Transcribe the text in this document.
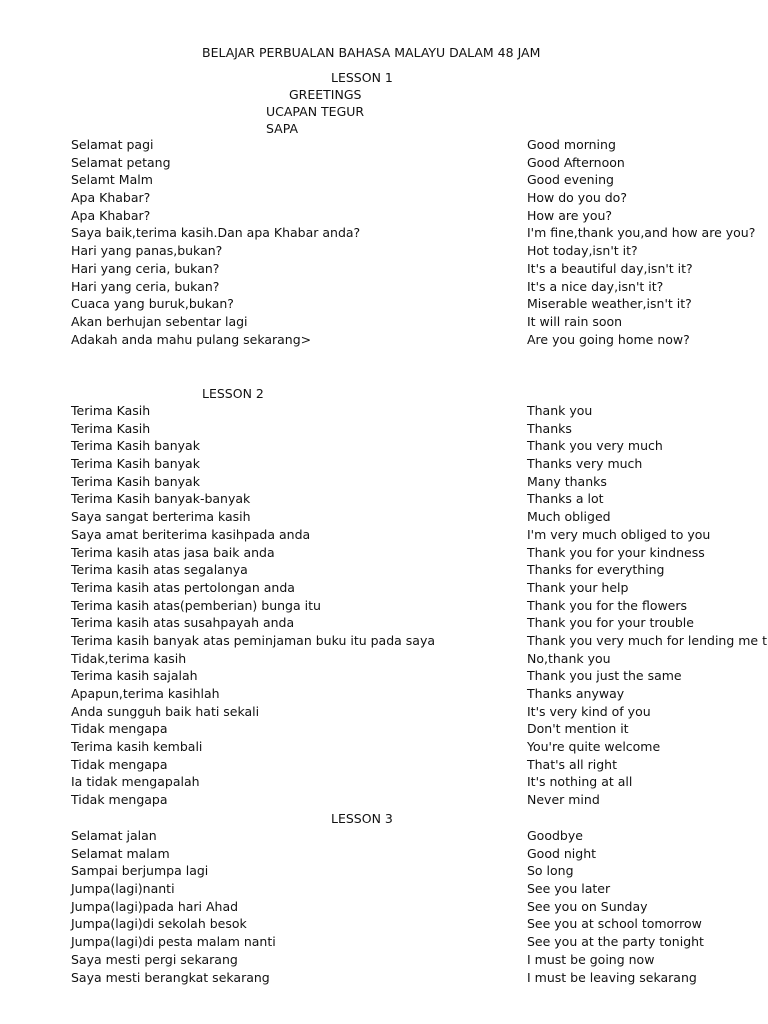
BELAJAR PERBUALAN BAHASA MALAYU DALAM 48 JAM
LESSON 1
GREETINGS
UCAPAN TEGUR
SAPA
Selamat pagi	Good morning
Selamat petang	Good Afternoon
Selamt Malm	Good evening
Apa Khabar?	How do you do?
Apa Khabar?	How are you?
Saya baik,terima kasih.Dan apa Khabar anda?	I'm fine,thank you,and how are you?
Hari yang panas,bukan?	Hot today,isn't it?
Hari yang ceria, bukan?	It's a beautiful day,isn't it?
Hari yang ceria, bukan?	It's a nice day,isn't it?
Cuaca yang buruk,bukan?	Miserable weather,isn't it?
Akan berhujan sebentar lagi	It will rain soon
Adakah anda mahu pulang sekarang>	Are you going home now?
LESSON 2
Terima Kasih	Thank you
Terima Kasih	Thanks
Terima Kasih banyak	Thank you very much
Terima Kasih banyak	Thanks very much
Terima Kasih banyak	Many thanks
Terima Kasih banyak-banyak	Thanks a lot
Saya sangat berterima kasih	Much obliged
Saya amat beriterima kasihpada anda	I'm very much obliged to you
Terima kasih atas jasa baik anda	Thank you for your kindness
Terima kasih atas segalanya	Thanks for everything
Terima kasih atas pertolongan anda	Thank your help
Terima kasih atas(pemberian) bunga itu	Thank you for the flowers
Terima kasih atas susahpayah anda	Thank you for your trouble
Terima kasih banyak atas peminjaman buku itu pada saya	Thank you very much for lending me t
Tidak,terima kasih	No,thank you
Terima kasih sajalah	Thank you just the same
Apapun,terima kasihlah	Thanks anyway
Anda sungguh baik hati sekali	It's very kind of you
Tidak mengapa	Don't mention it
Terima kasih kembali	You're quite welcome
Tidak mengapa	That's all right
Ia tidak mengapalah	It's nothing at all
Tidak mengapa	Never mind
LESSON 3
Selamat jalan	Goodbye
Selamat malam	Good night
Sampai berjumpa lagi	So long
Jumpa(lagi)nanti	See you later
Jumpa(lagi)pada hari Ahad	See you on Sunday
Jumpa(lagi)di sekolah besok	See you at school tomorrow
Jumpa(lagi)di pesta malam nanti	See you at the party tonight
Saya mesti pergi sekarang	I must be going now
Saya mesti berangkat sekarang	I must be leaving sekarang
